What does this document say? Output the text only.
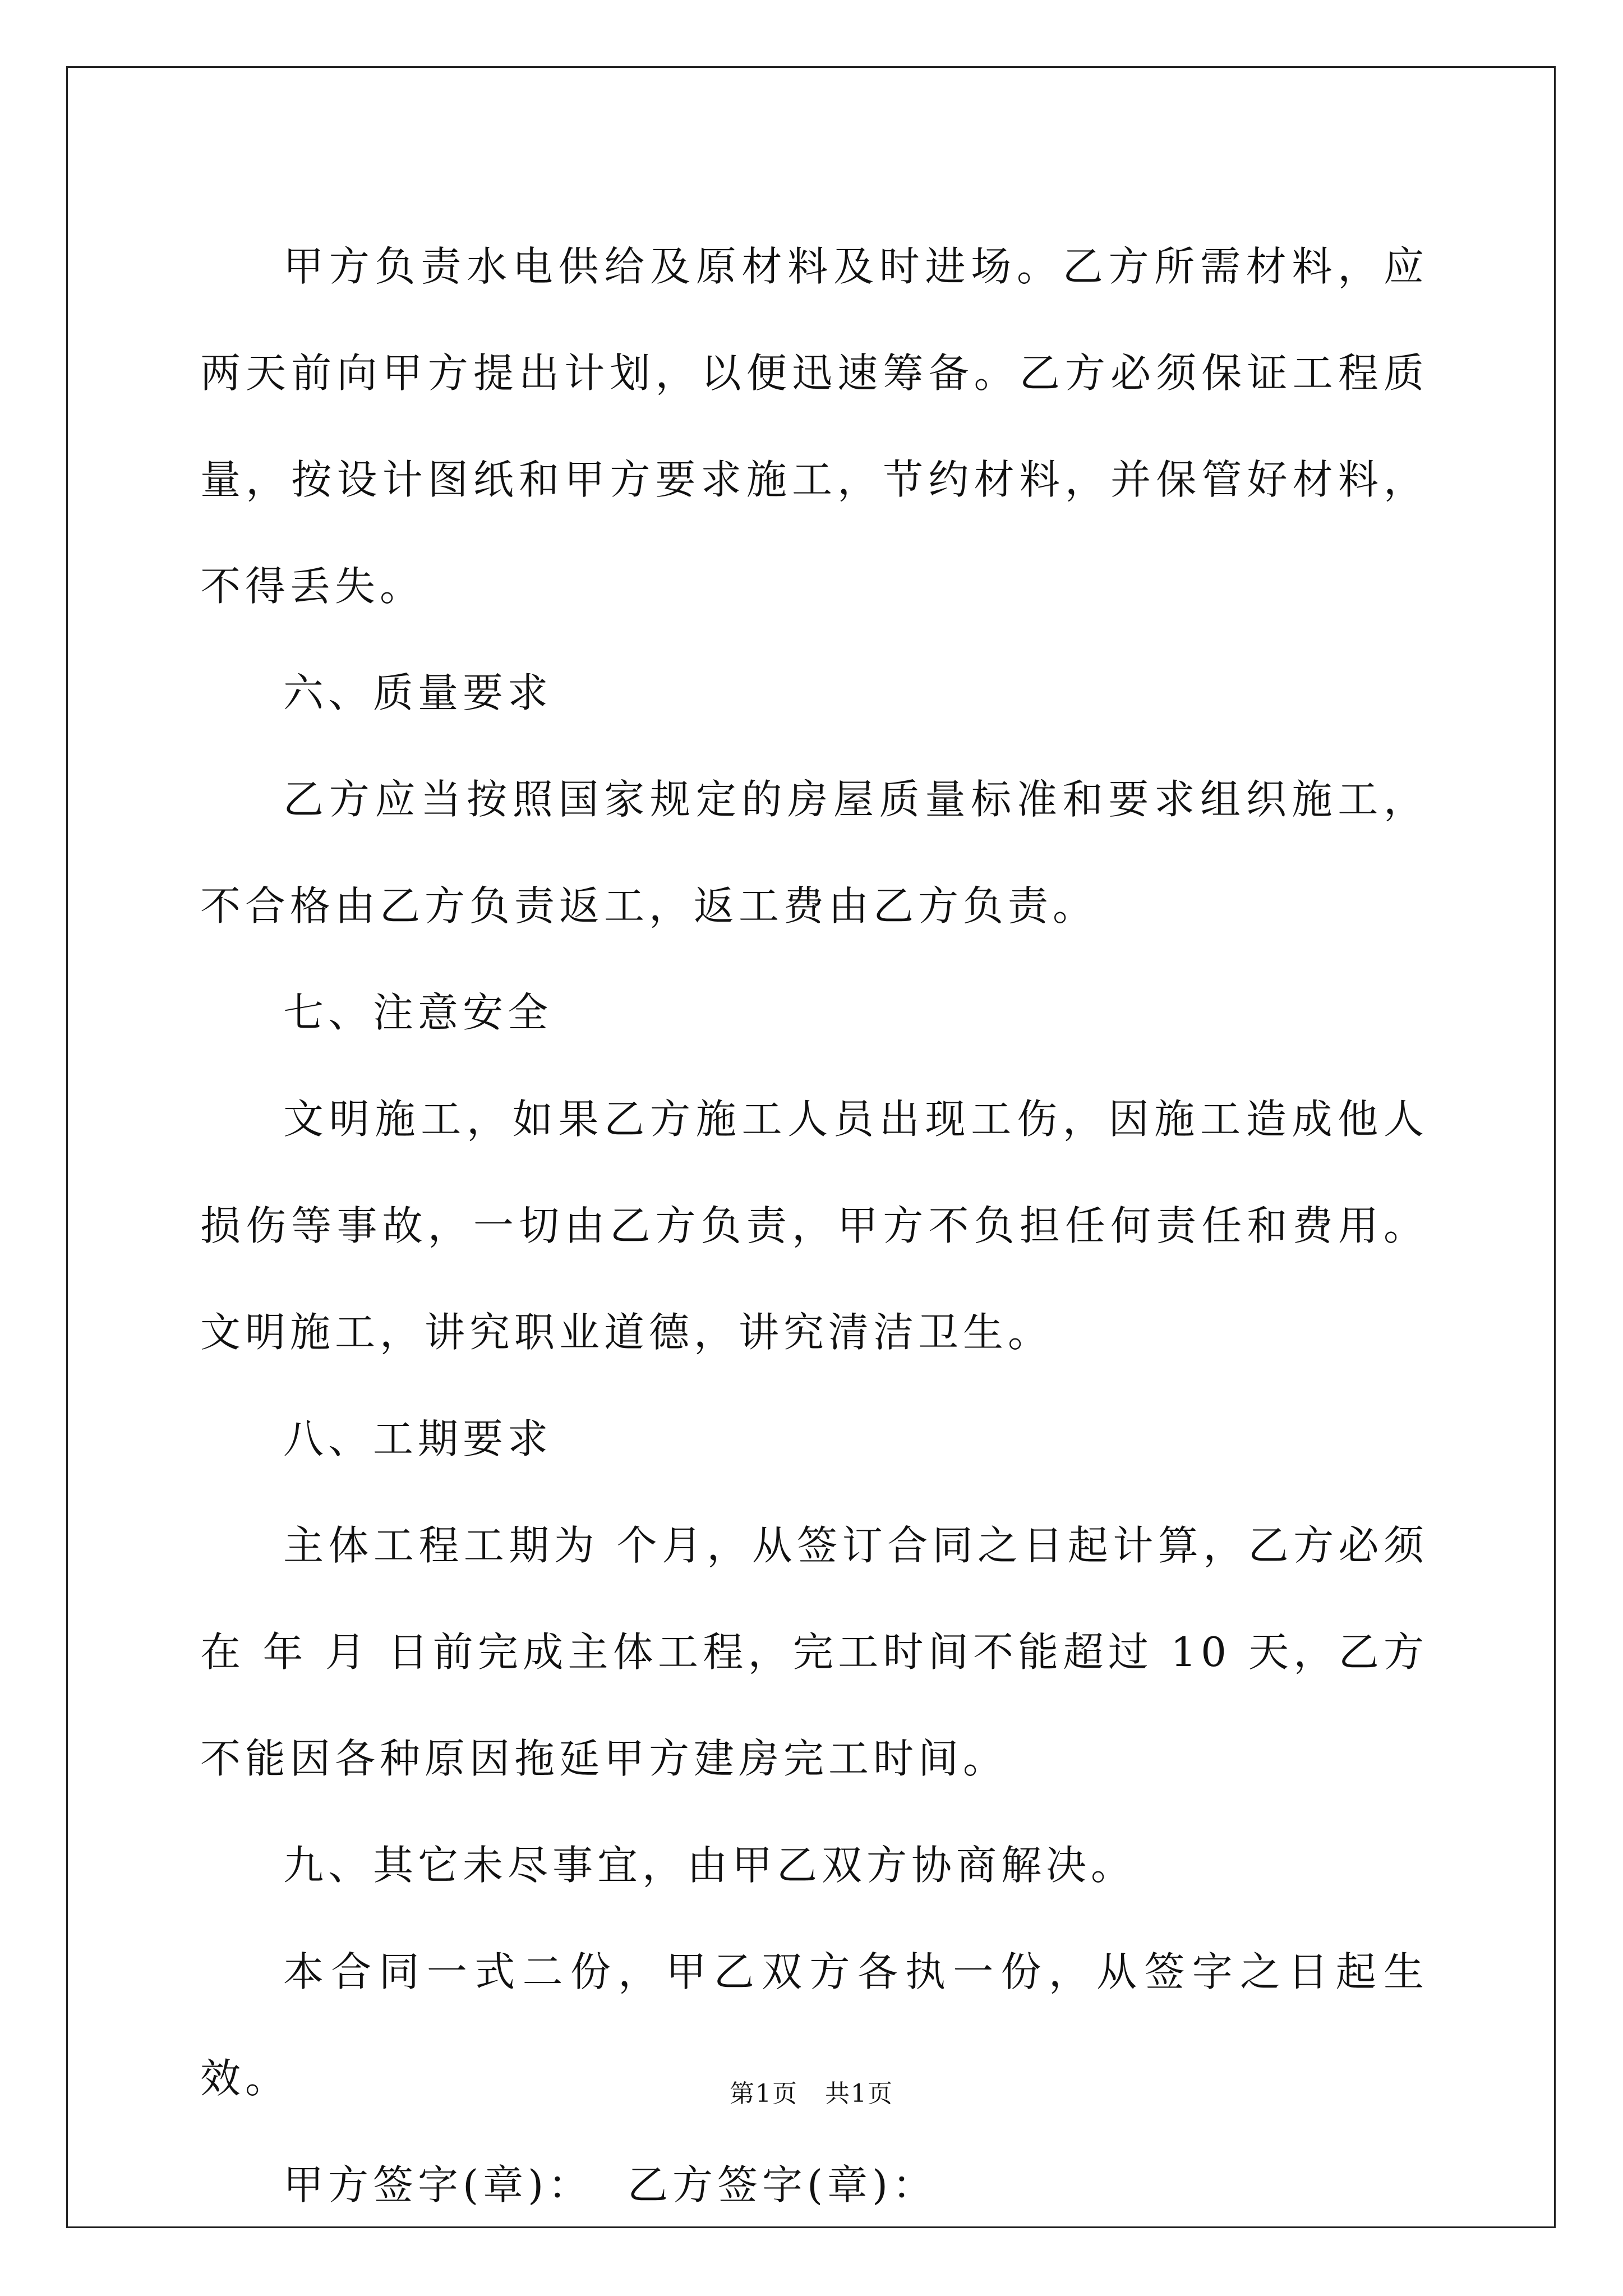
甲方负责水电供给及原材料及时进场。乙方所需材料，应两天前向甲方提出计划，以便迅速筹备。乙方必须保证工程质量，按设计图纸和甲方要求施工，节约材料，并保管好材料，不得丢失。

六、质量要求

乙方应当按照国家规定的房屋质量标准和要求组织施工，不合格由乙方负责返工，返工费由乙方负责。

七、注意安全

文明施工，如果乙方施工人员出现工伤，因施工造成他人损伤等事故，一切由乙方负责，甲方不负担任何责任和费用。文明施工，讲究职业道德，讲究清洁卫生。

八、工期要求

主体工程工期为 个月，从签订合同之日起计算，乙方必须在 年 月 日前完成主体工程，完工时间不能超过 10 天，乙方不能因各种原因拖延甲方建房完工时间。

九、其它未尽事宜，由甲乙双方协商解决。

本合同一式二份，甲乙双方各执一份，从签字之日起生效。

甲方签字(章)：  乙方签字(章)：

第1页   共1页
